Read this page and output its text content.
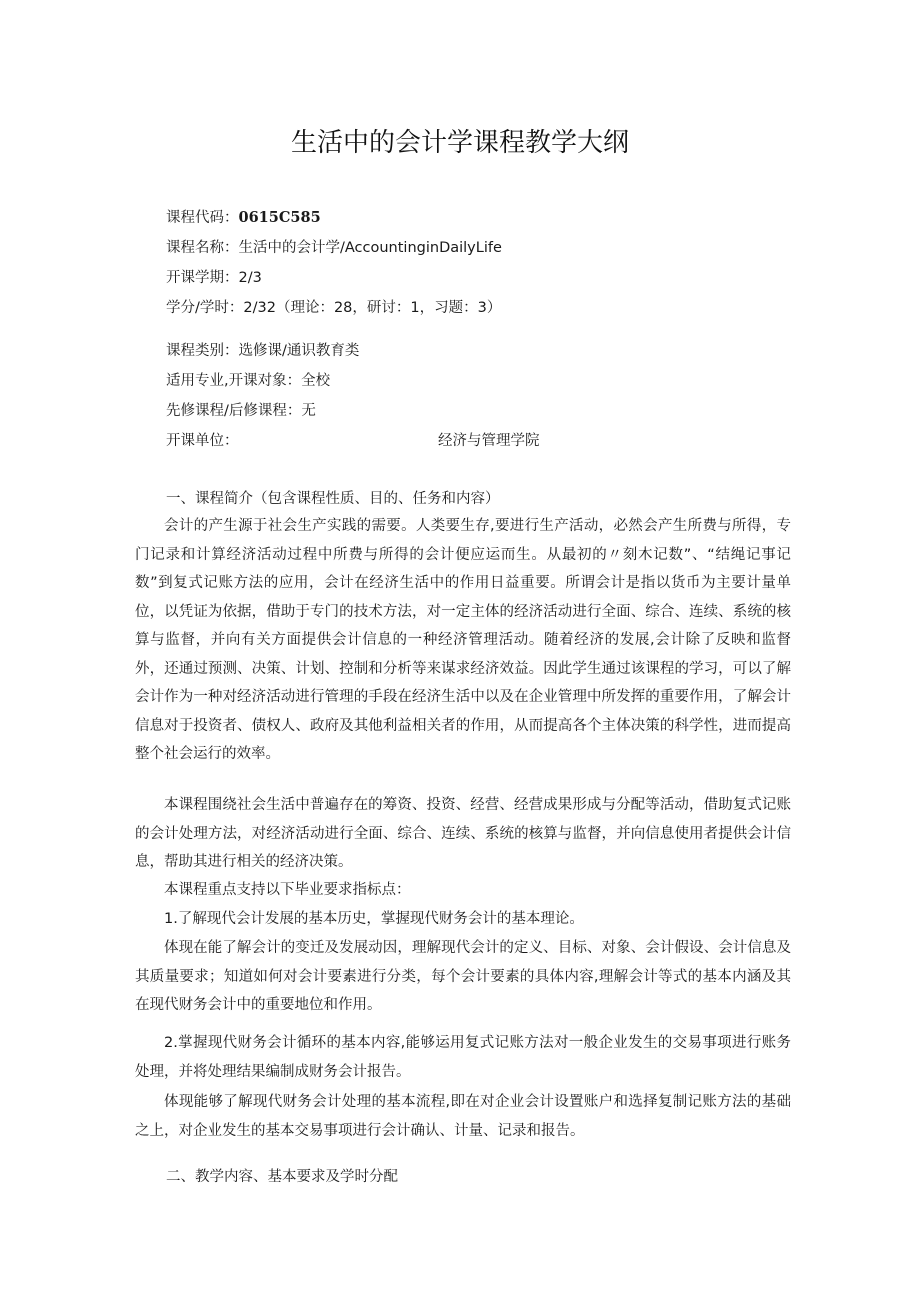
生活中的会计学课程教学大纲
课程代码：0615C585
课程名称：生活中的会计学/AccountinginDailyLife
开课学期：2/3
学分/学时：2/32（理论：28，研讨：1，习题：3）
课程类别：选修课/通识教育类
适用专业,开课对象：全校
先修课程/后修课程：无
开课单位：	经济与管理学院
一、课程简介（包含课程性质、目的、任务和内容）

会计的产生源于社会生产实践的需要。人类要生存,要进行生产活动，必然会产生所费与所得，专门记录和计算经济活动过程中所费与所得的会计便应运而生。从最初的〃刻木记数”、“结绳记事记数”到复式记账方法的应用，会计在经济生活中的作用日益重要。所谓会计是指以货币为主要计量单位，以凭证为依据，借助于专门的技术方法，对一定主体的经济活动进行全面、综合、连续、系统的核算与监督，并向有关方面提供会计信息的一种经济管理活动。随着经济的发展,会计除了反映和监督外，还通过预测、决策、计划、控制和分析等来谋求经济效益。因此学生通过该课程的学习，可以了解会计作为一种对经济活动进行管理的手段在经济生活中以及在企业管理中所发挥的重要作用，了解会计信息对于投资者、债权人、政府及其他利益相关者的作用，从而提高各个主体决策的科学性，进而提高整个社会运行的效率。

本课程围绕社会生活中普遍存在的筹资、投资、经营、经营成果形成与分配等活动，借助复式记账的会计处理方法，对经济活动进行全面、综合、连续、系统的核算与监督，并向信息使用者提供会计信息，帮助其进行相关的经济决策。

本课程重点支持以下毕业要求指标点：

1.了解现代会计发展的基本历史，掌握现代财务会计的基本理论。

体现在能了解会计的变迁及发展动因，理解现代会计的定义、目标、对象、会计假设、会计信息及其质量要求；知道如何对会计要素进行分类，每个会计要素的具体内容,理解会计等式的基本内涵及其在现代财务会计中的重要地位和作用。

2.掌握现代财务会计循环的基本内容,能够运用复式记账方法对一般企业发生的交易事项进行账务处理，并将处理结果编制成财务会计报告。

体现能够了解现代财务会计处理的基本流程,即在对企业会计设置账户和选择复制记账方法的基础之上，对企业发生的基本交易事项进行会计确认、计量、记录和报告。

二、教学内容、基本要求及学时分配
